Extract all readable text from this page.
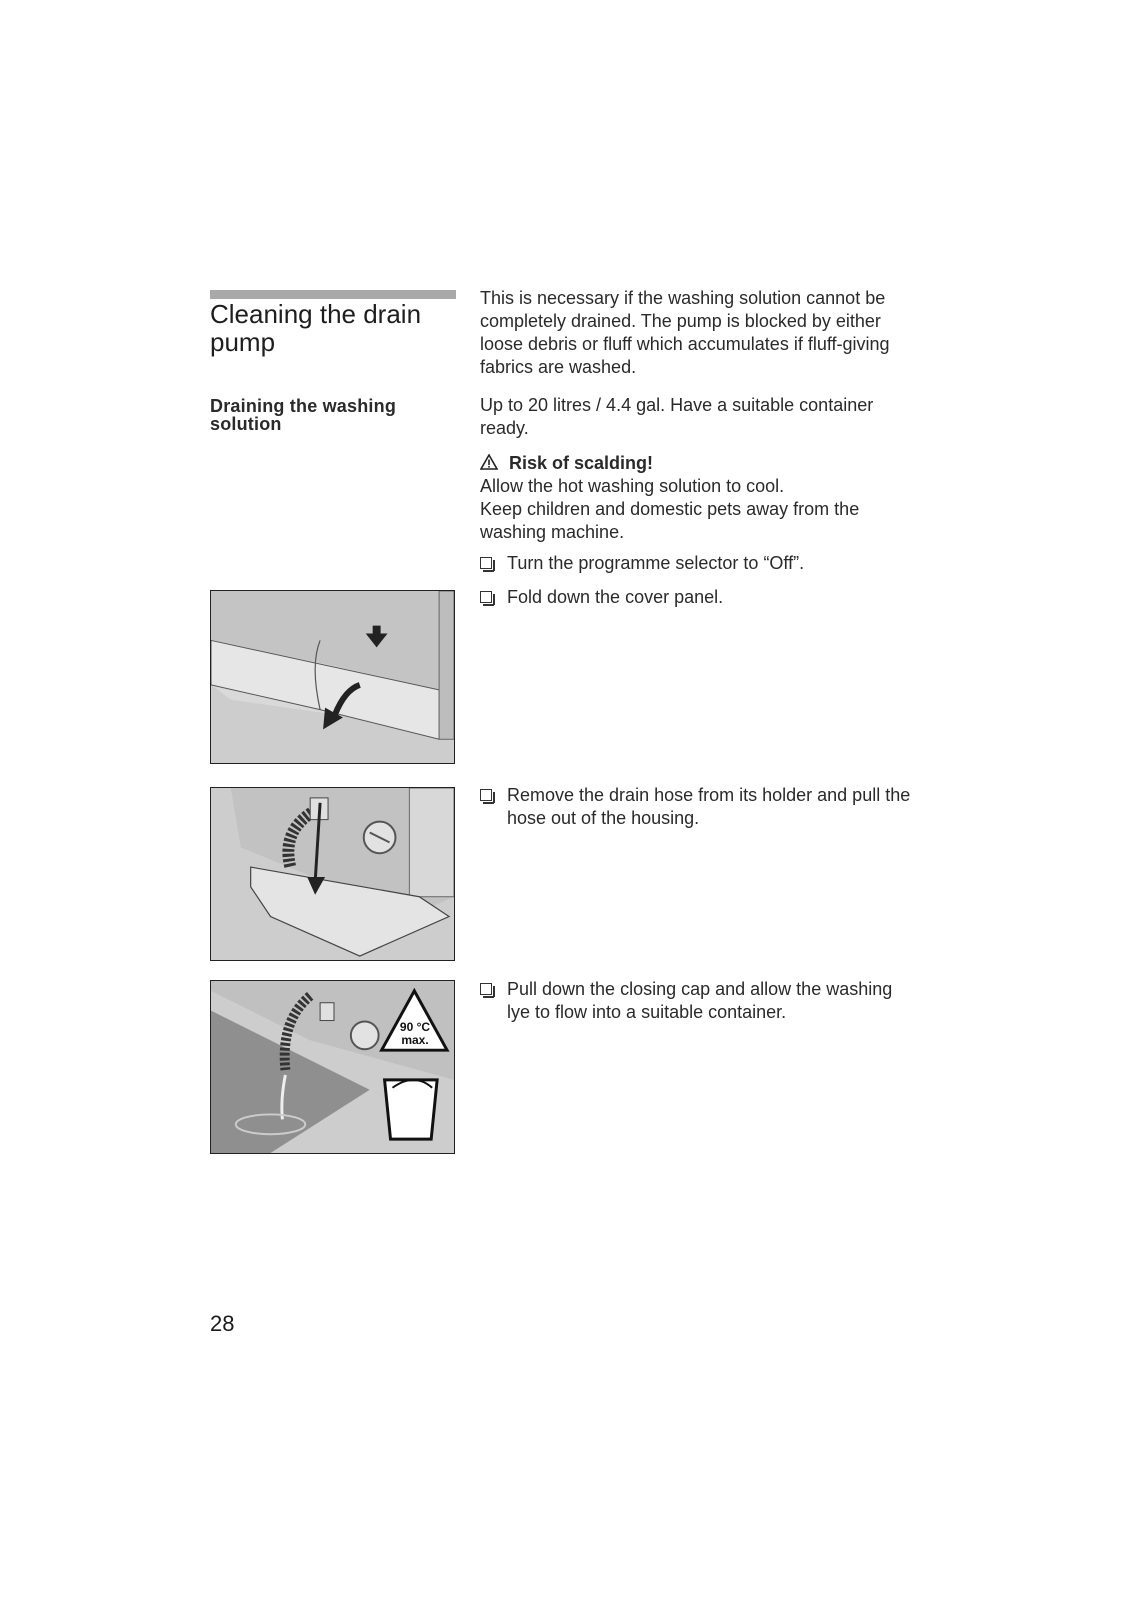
Cleaning the drain pump
Draining the washing solution

This is necessary if the washing solution cannot be completely drained. The pump is blocked by either loose debris or fluff which accumulates if fluff-giving fabrics are washed.

Up to 20 litres / 4.4 gal. Have a suitable container ready.

Risk of scalding!

Allow the hot washing solution to cool.

Keep children and domestic pets away from the washing machine.

Turn the programme selector to “Off”.
Fold down the cover panel.
Remove the drain hose from its holder and pull the hose out of the housing.
Pull down the closing cap and allow the washing lye to flow into a suitable container.
90 °C
max.
28
